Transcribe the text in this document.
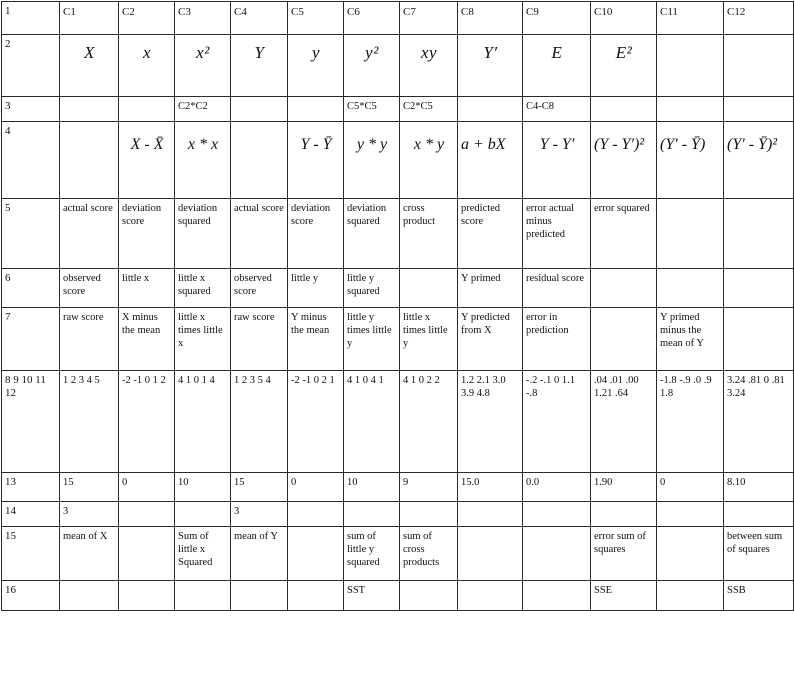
1	C1	C2	C3	C4	C5	C6	C7	C8	C9	C10	C11	C12
2	X	x	x²	Y	y	y²	xy	Y′	E	E²		

3			C2*C2			C5*C5	C2*C5		C4-C8			
4		X - X̄	x * x		Y - Ȳ	y * y	x * y	a + bX	Y - Y′	(Y - Y′)²	(Y′ - Ȳ)	(Y′ - Ȳ)²

5	actual score	deviation score	deviation squared	actual score	deviation score	deviation squared	cross product	predicted score	error actual minus predicted	error squared		
6	observed score	little x	little x squared	observed score	little y	little y squared		Y primed	residual score			
7	raw score	X minus the mean	little x times little x	raw score	Y minus the mean	little y times little y	little x times little y	Y predicted from X	error in prediction		Y primed minus the mean of Y	
8 9 10 11 12	1 2 3 4 5	-2 -1 0 1 2	4 1 0 1 4	1 2 3 5 4	-2 -1 0 2 1	4 1 0 4 1	4 1 0 2 2	1.2 2.1 3.0 3.9 4.8	-.2 -.1 0 1.1 -.8	.04 .01 .00 1.21 .64	-1.8 -.9 .0 .9 1.8	3.24 .81 0 .81 3.24
13	15	0	10	15	0	10	9	15.0	0.0	1.90	0	8.10
14	3			3								
15	mean of X		Sum of little x Squared	mean of Y		sum of little y squared	sum of cross products			error sum of squares		between sum of squares
16						SST				SSE		SSB
